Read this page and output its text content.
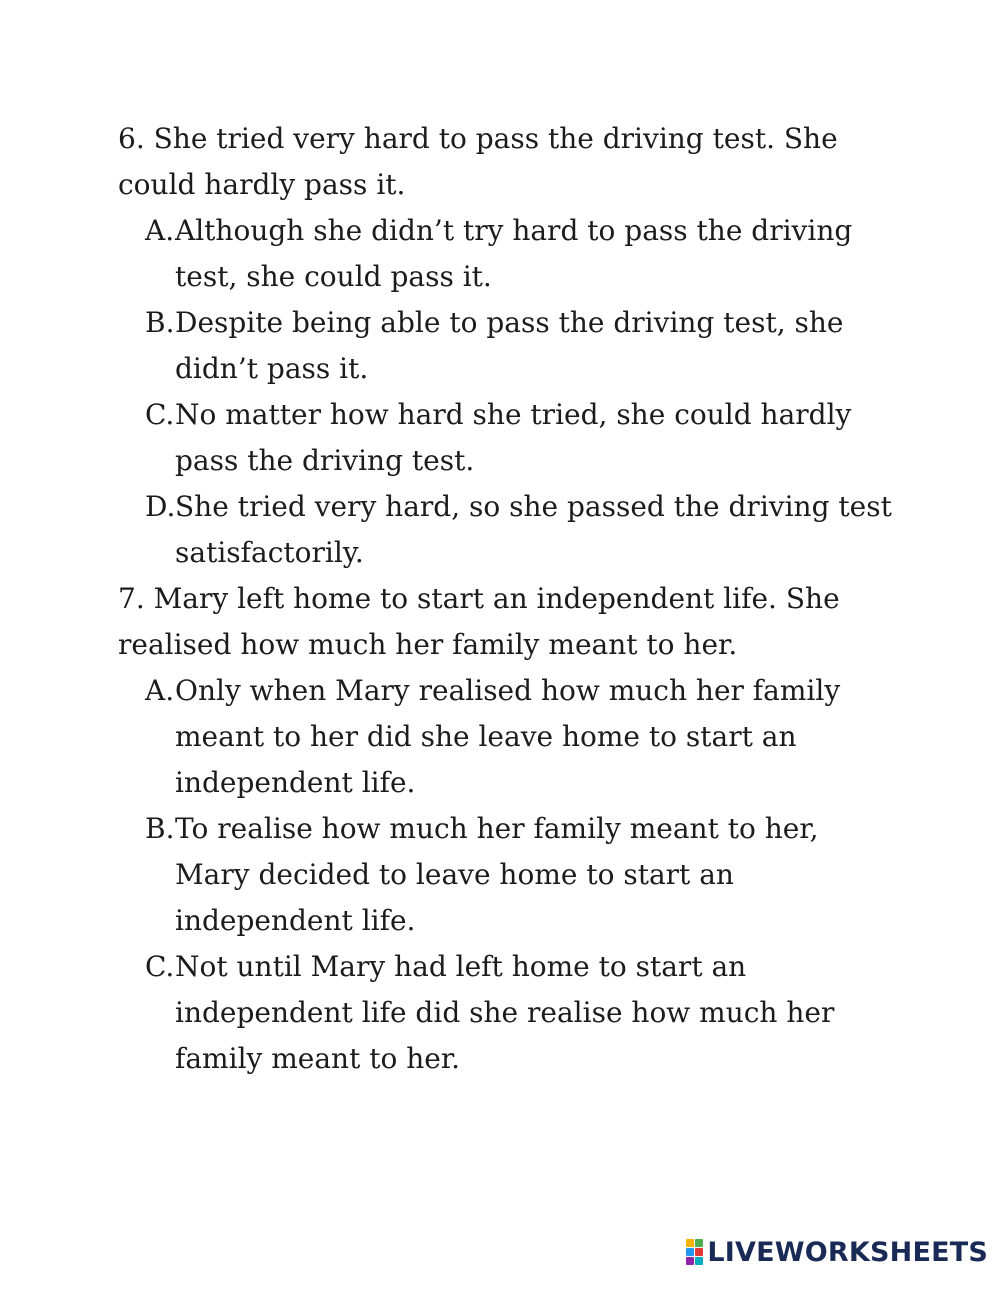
6. She tried very hard to pass the driving test. She could hardly pass it.

A. Although she didn’t try hard to pass the driving test, she could pass it.
B. Despite being able to pass the driving test, she didn’t pass it.
C. No matter how hard she tried, she could hardly pass the driving test.
D. She tried very hard, so she passed the driving test satisfactorily.

7. Mary left home to start an independent life. She realised how much her family meant to her.

A. Only when Mary realised how much her family meant to her did she leave home to start an independent life.
B. To realise how much her family meant to her, Mary decided to leave home to start an independent life.
C. Not until Mary had left home to start an independent life did she realise how much her family meant to her.
LIVEWORKSHEETS
